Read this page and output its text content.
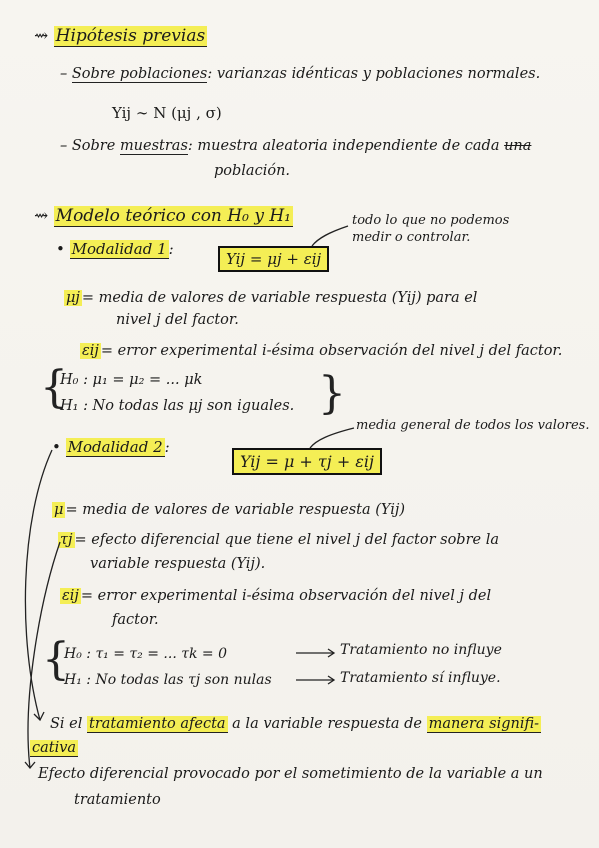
⇝ Hipótesis previas
– Sobre poblaciones: varianzas idénticas y poblaciones normales.
Yij ∼ N (μj , σ)
– Sobre muestras: muestra aleatoria independiente de cada una
población.
⇝ Modelo teórico con H₀ y H₁	todo lo que no podemos medir o controlar.
• Modalidad 1 :
Yij = μj + εij
μj = media de valores de variable respuesta (Yij) para el
nivel j del factor.
εij = error experimental i-ésima observación del nivel j del factor.
{
H₀ : μ₁ = μ₂ = ... μk
H₁ : No todas las μj son iguales. }
• Modalidad 2 :
media general de todos los valores.
Yij = μ + τj + εij
μ = media de valores de variable respuesta (Yij)
τj = efecto diferencial que tiene el nivel j del factor sobre la
variable respuesta (Yij).
εij = error experimental i-ésima observación del nivel j del
factor.
{
H₀ : τ₁ = τ₂ = ... τk = 0
H₁ : No todas las τj son nulas
Tratamiento no influye
Tratamiento sí influye.
Si el tratamiento afecta a la variable respuesta de manera signifi-
cativa
Efecto diferencial provocado por el sometimiento de la variable a un
tratamiento
